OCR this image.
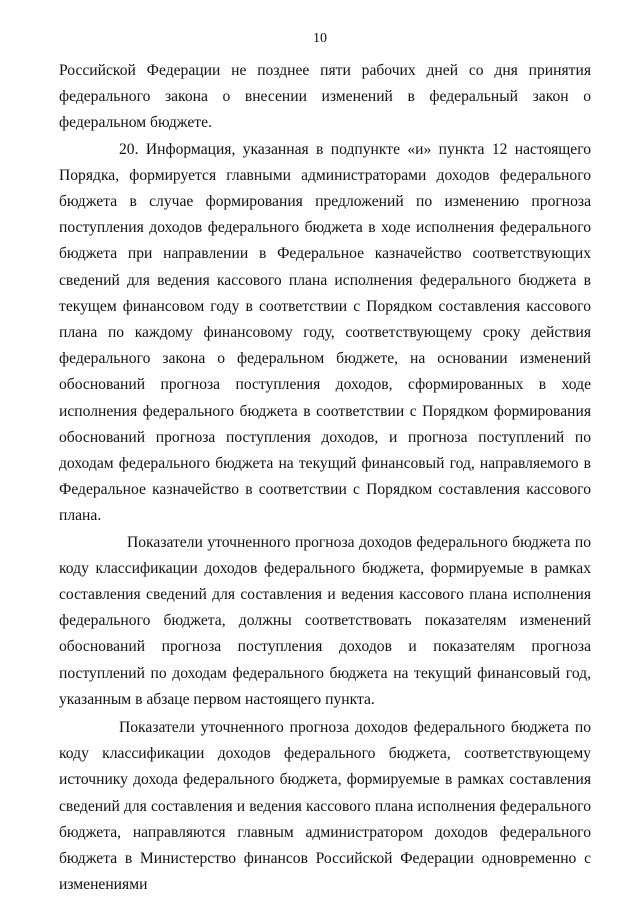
10

Российской Федерации не позднее пяти рабочих дней со дня принятия федерального закона о внесении изменений в федеральный закон о федеральном бюджете.

20. Информация, указанная в подпункте «и» пункта 12 настоящего Порядка, формируется главными администраторами доходов федерального бюджета в случае формирования предложений по изменению прогноза поступления доходов федерального бюджета в ходе исполнения федерального бюджета при направлении в Федеральное казначейство соответствующих сведений для ведения кассового плана исполнения федерального бюджета в текущем финансовом году в соответствии с Порядком составления кассового плана по каждому финансовому году, соответствующему сроку действия федерального закона о федеральном бюджете, на основании изменений обоснований прогноза поступления доходов, сформированных в ходе исполнения федерального бюджета в соответствии с Порядком формирования обоснований прогноза поступления доходов, и прогноза поступлений по доходам федерального бюджета на текущий финансовый год, направляемого в Федеральное казначейство в соответствии с Порядком составления кассового плана.

Показатели уточненного прогноза доходов федерального бюджета по коду классификации доходов федерального бюджета, формируемые в рамках составления сведений для составления и ведения кассового плана исполнения федерального бюджета, должны соответствовать показателям изменений обоснований прогноза поступления доходов и показателям прогноза поступлений по доходам федерального бюджета на текущий финансовый год, указанным в абзаце первом настоящего пункта.

Показатели уточненного прогноза доходов федерального бюджета по коду классификации доходов федерального бюджета, соответствующему источнику дохода федерального бюджета, формируемые в рамках составления сведений для составления и ведения кассового плана исполнения федерального бюджета, направляются главным администратором доходов федерального бюджета в Министерство финансов Российской Федерации одновременно с изменениями
